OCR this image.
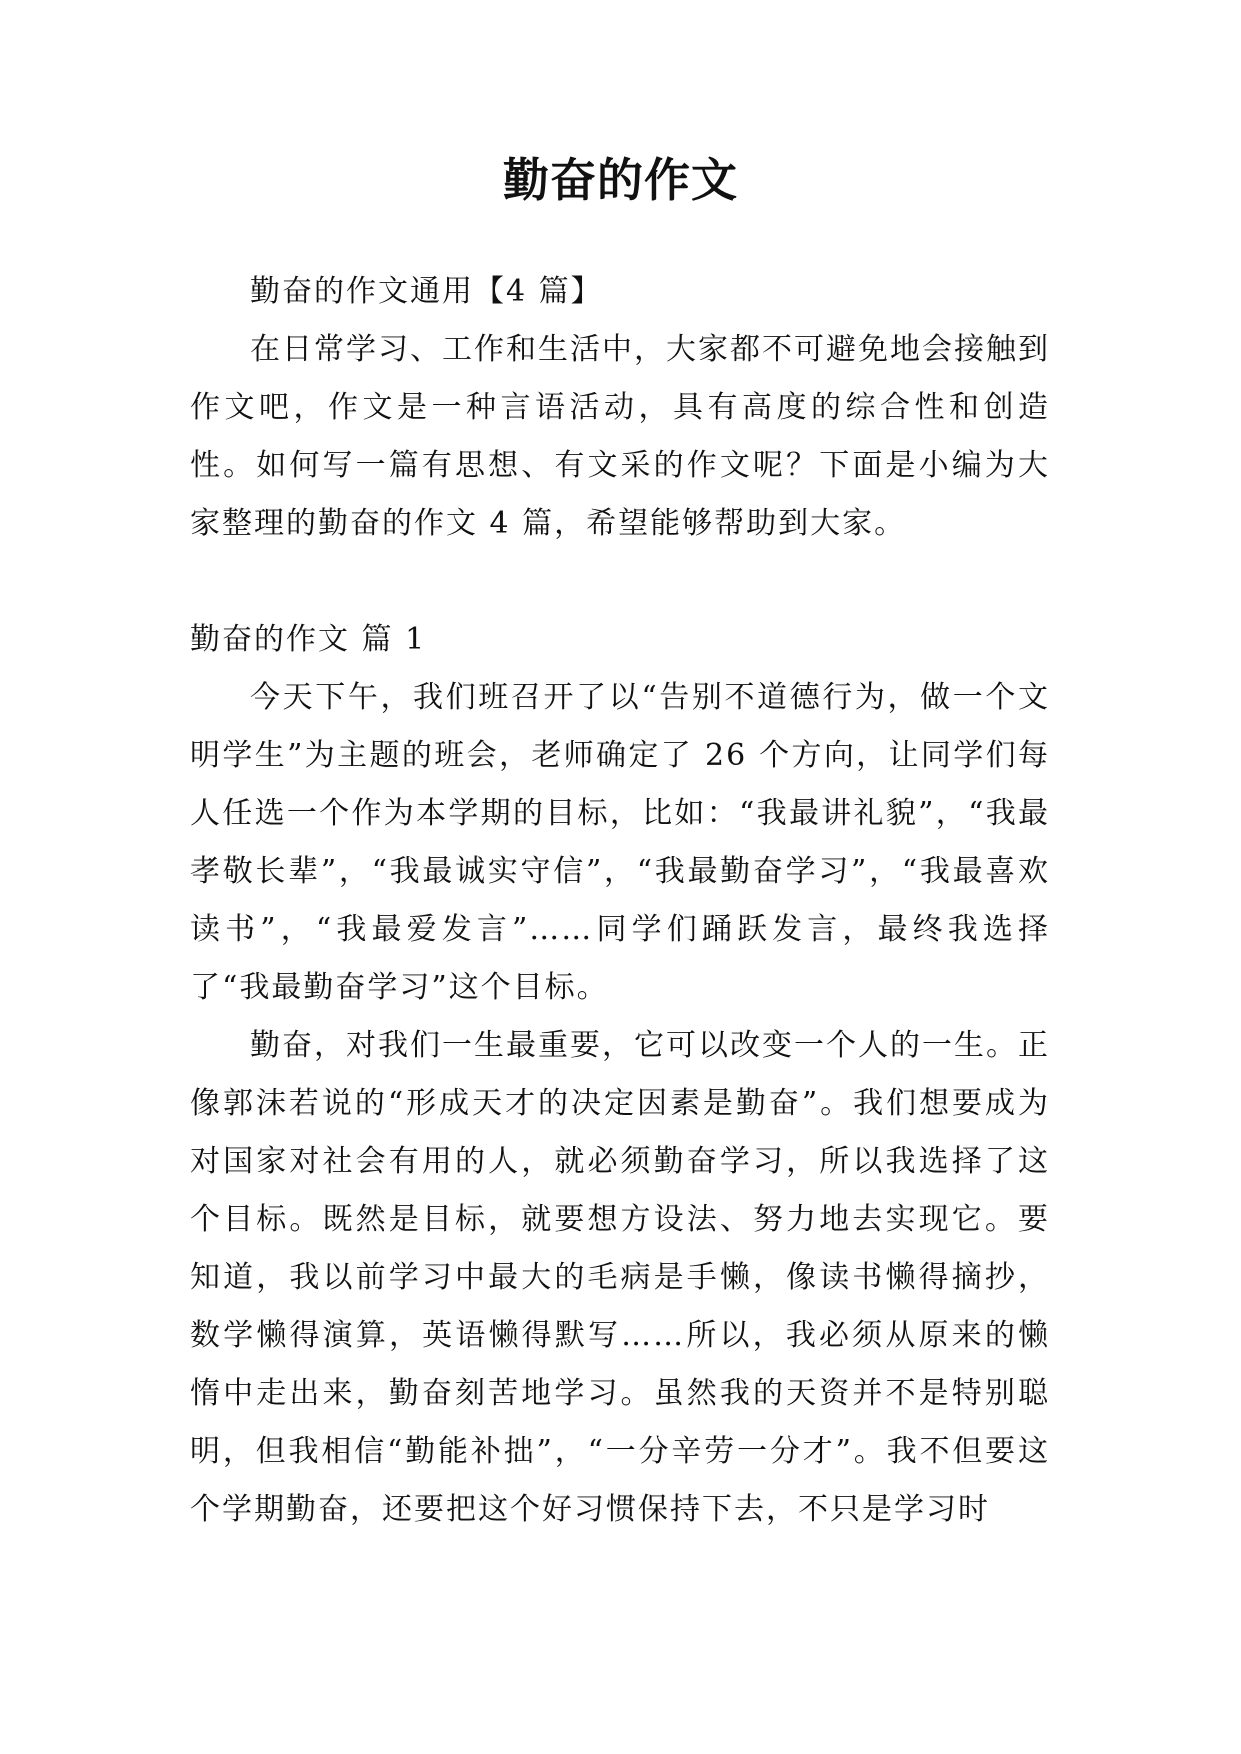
勤奋的作文

勤奋的作文通用【4 篇】

在日常学习、工作和生活中，大家都不可避免地会接触到作文吧，作文是一种言语活动，具有高度的综合性和创造性。如何写一篇有思想、有文采的作文呢？下面是小编为大家整理的勤奋的作文 4 篇，希望能够帮助到大家。

勤奋的作文 篇 1

今天下午，我们班召开了以“告别不道德行为，做一个文明学生”为主题的班会，老师确定了 26 个方向，让同学们每人任选一个作为本学期的目标，比如：“我最讲礼貌”，“我最孝敬长辈”，“我最诚实守信”，“我最勤奋学习”，“我最喜欢读书”，“我最爱发言”……同学们踊跃发言，最终我选择了“我最勤奋学习”这个目标。

勤奋，对我们一生最重要，它可以改变一个人的一生。正像郭沫若说的“形成天才的决定因素是勤奋”。我们想要成为对国家对社会有用的人，就必须勤奋学习，所以我选择了这个目标。既然是目标，就要想方设法、努力地去实现它。要知道，我以前学习中最大的毛病是手懒，像读书懒得摘抄，数学懒得演算，英语懒得默写……所以，我必须从原来的懒惰中走出来，勤奋刻苦地学习。虽然我的天资并不是特别聪明，但我相信“勤能补拙”，“一分辛劳一分才”。我不但要这个学期勤奋，还要把这个好习惯保持下去，不只是学习时
